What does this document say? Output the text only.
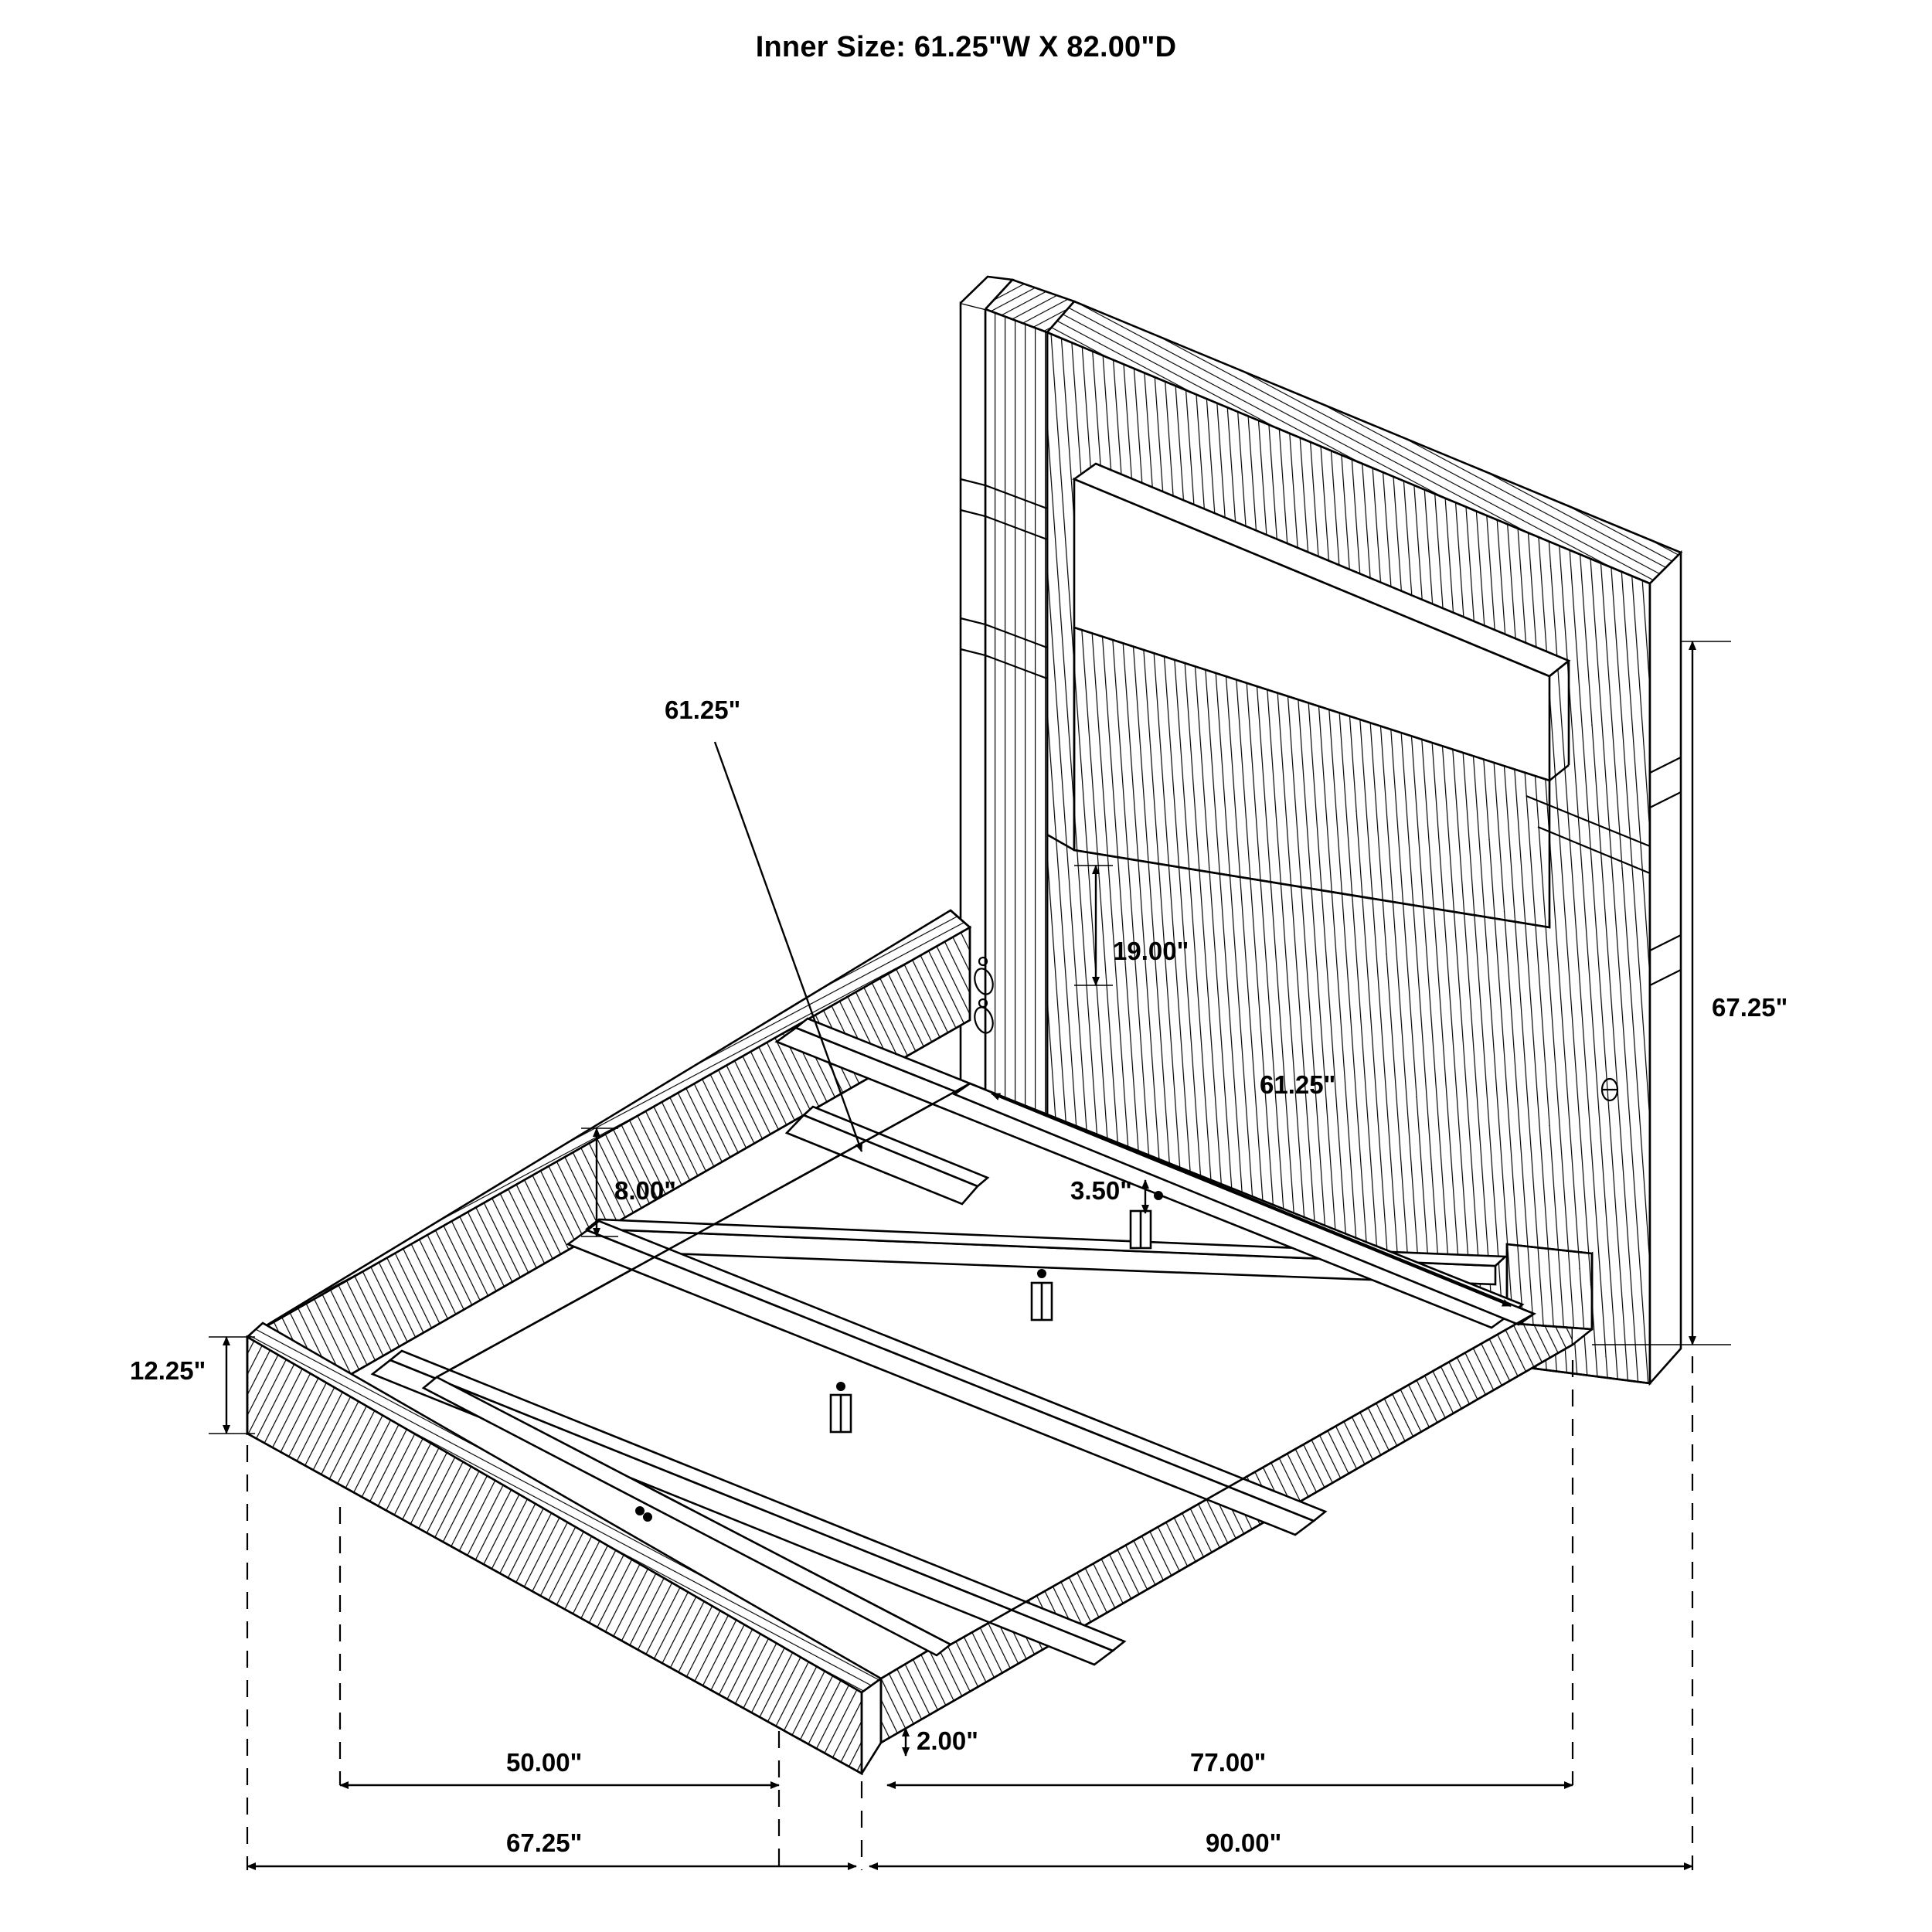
Inner Size: 61.25"W X 82.00"D
67.25"
19.00"
61.25"
61.25"
8.00"	3.50"
12.25"
2.00"
50.00"	77.00"
67.25"	90.00"
